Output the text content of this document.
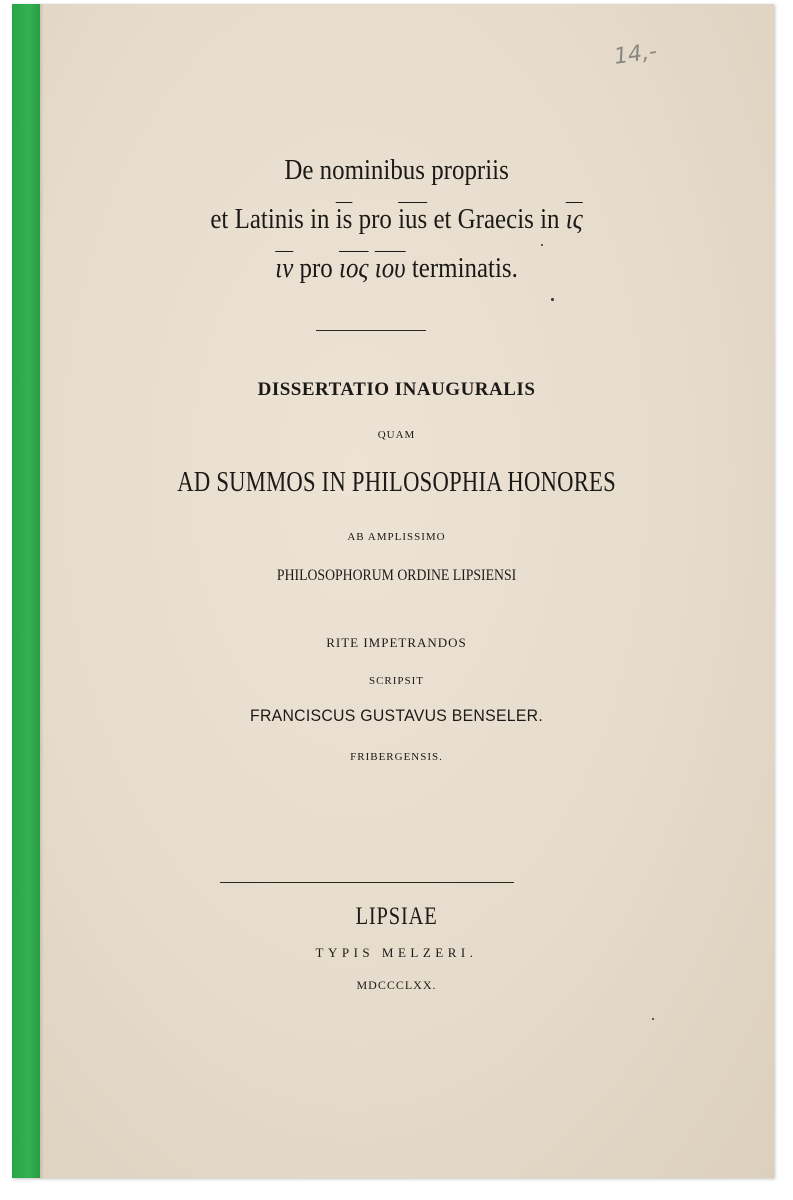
14,-
De nominibus propriis
et Latinis in $\overline{is}$ pro $\overline{ius}$ et Graecis in $\overline{\iota\varsigma}$
$\overline{\iota\nu}$ pro $\overline{\iota o\varsigma}$ $\overline{\iota o\upsilon}$ terminatis.
DISSERTATIO INAUGURALIS
QUAM
AD SUMMOS IN PHILOSOPHIA HONORES
AB AMPLISSIMO
PHILOSOPHORUM ORDINE LIPSIENSI
RITE IMPETRANDOS
SCRIPSIT
FRANCISCUS GUSTAVUS BENSELER.
FRIBERGENSIS.
LIPSIAE
TYPIS MELZERI.
MDCCCLXX.
